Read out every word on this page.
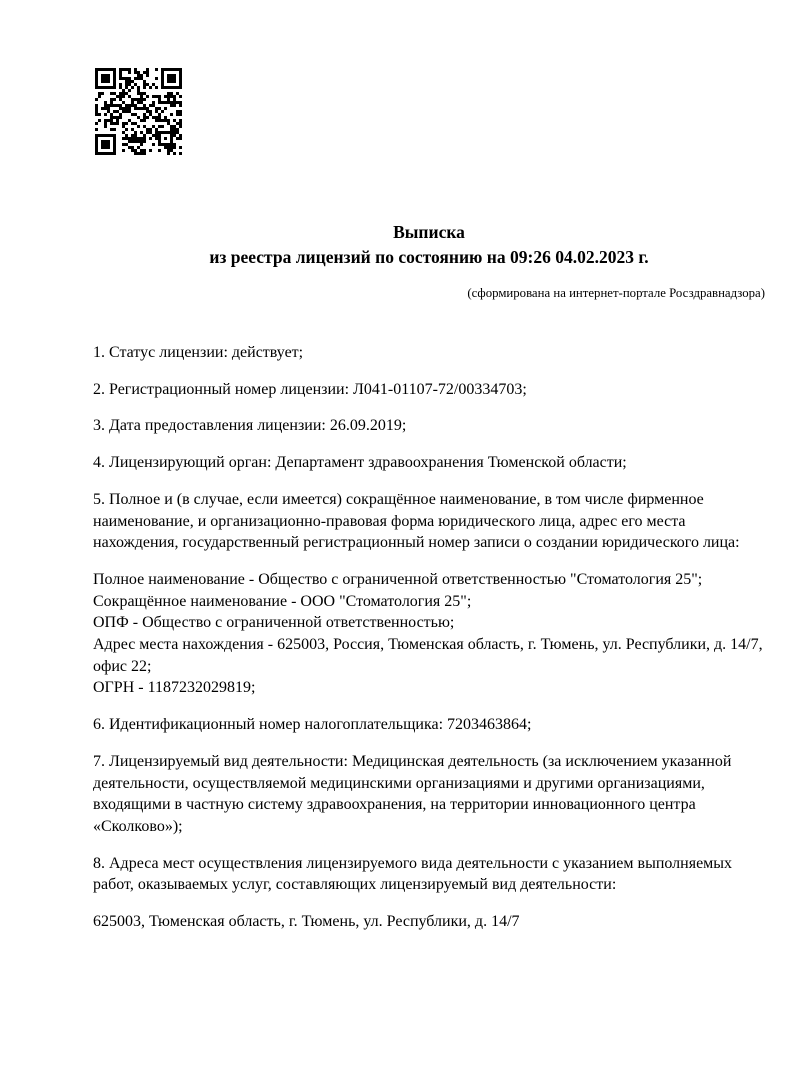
Выписка
из реестра лицензий по состоянию на 09:26 04.02.2023 г.
(сформирована на интернет-портале Росздравнадзора)

1. Статус лицензии: действует;

2. Регистрационный номер лицензии: Л041-01107-72/00334703;

3. Дата предоставления лицензии: 26.09.2019;

4. Лицензирующий орган: Департамент здравоохранения Тюменской области;

5. Полное и (в случае, если имеется) сокращённое наименование, в том числе фирменное наименование, и организационно-правовая форма юридического лица, адрес его места нахождения, государственный регистрационный номер записи о создании юридического лица:

Полное наименование - Общество с ограниченной ответственностью "Стоматология 25";

Сокращённое наименование - ООО "Стоматология 25";

ОПФ - Общество с ограниченной ответственностью;

Адрес места нахождения - 625003, Россия, Тюменская область, г. Тюмень, ул. Республики, д. 14/7, офис 22;

ОГРН - 1187232029819;

6. Идентификационный номер налогоплательщика: 7203463864;

7. Лицензируемый вид деятельности: Медицинская деятельность (за исключением указанной деятельности, осуществляемой медицинскими организациями и другими организациями, входящими в частную систему здравоохранения, на территории инновационного центра «Сколково»);

8. Адреса мест осуществления лицензируемого вида деятельности с указанием выполняемых работ, оказываемых услуг, составляющих лицензируемый вид деятельности:

625003, Тюменская область, г. Тюмень, ул. Республики, д. 14/7
